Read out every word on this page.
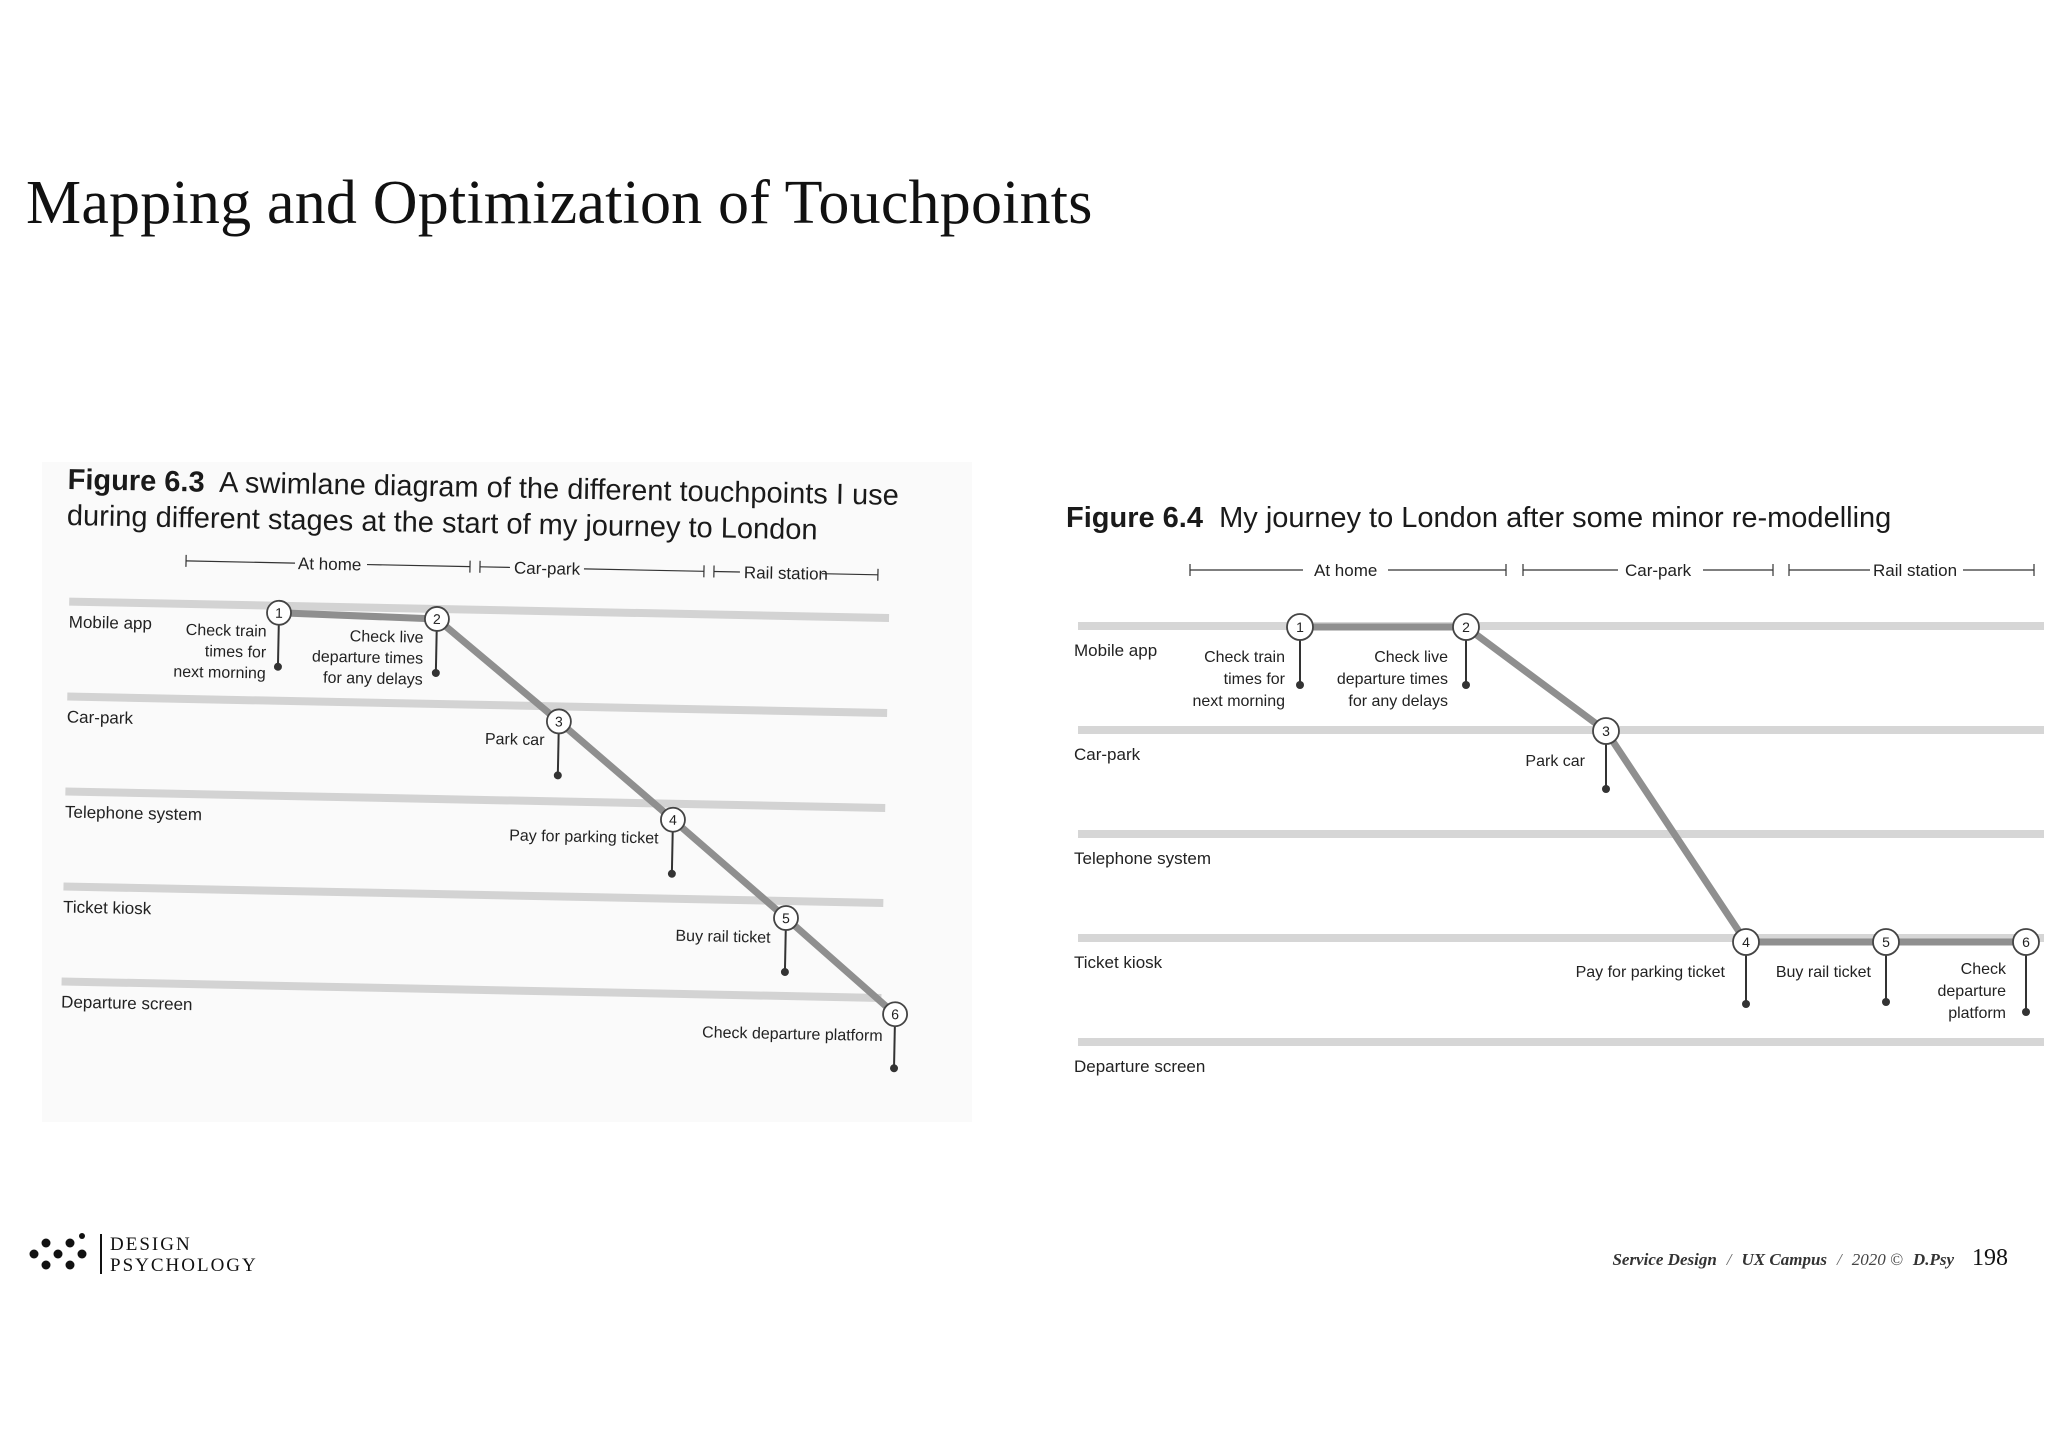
Mapping and Optimization of Touchpoints
Figure 6.3 A swimlane diagram of the different touchpoints I use
during different stages at the start of my journey to London
At home	Car-park	Rail station
Mobile app
Car-park
Telephone system
Ticket kiosk
Departure screen
1
Check train
times for
next morning
2
Check live
departure times
for any delays
3
Park car
4
Pay for parking ticket
5
Buy rail ticket
6
Check departure platform
Figure 6.4 My journey to London after some minor re-modelling
At home	Car-park	Rail station
Mobile app
Car-park
Telephone system
Ticket kiosk
Departure screen
1
Check train
times for
next morning
2
Check live
departure times
for any delays
3
Park car
4
Pay for parking ticket
5
Buy rail ticket
6
Check
departure
platform
DESIGN
PSYCHOLOGY	Service Design / UX Campus / 2020 © D.Psy 198
